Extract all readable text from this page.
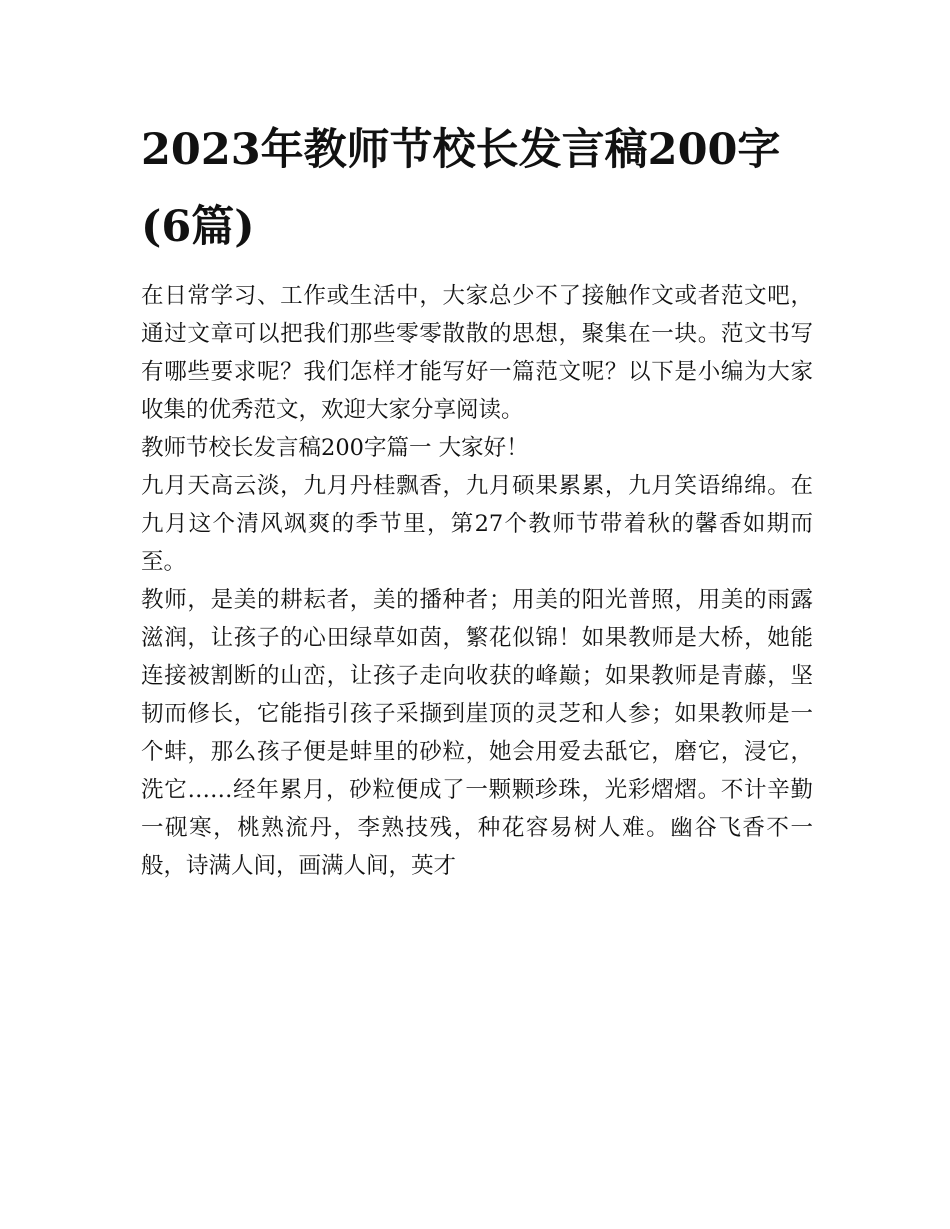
2023年教师节校长发言稿200字(6篇)

在日常学习、工作或生活中，大家总少不了接触作文或者范文吧，通过文章可以把我们那些零零散散的思想，聚集在一块。范文书写有哪些要求呢？我们怎样才能写好一篇范文呢？以下是小编为大家收集的优秀范文，欢迎大家分享阅读。

教师节校长发言稿200字篇一 大家好！

九月天高云淡，九月丹桂飘香，九月硕果累累，九月笑语绵绵。在九月这个清风飒爽的季节里，第27个教师节带着秋的馨香如期而至。

教师，是美的耕耘者，美的播种者；用美的阳光普照，用美的雨露滋润，让孩子的心田绿草如茵，繁花似锦！如果教师是大桥，她能连接被割断的山峦，让孩子走向收获的峰巅；如果教师是青藤，坚韧而修长，它能指引孩子采撷到崖顶的灵芝和人参；如果教师是一个蚌，那么孩子便是蚌里的砂粒，她会用爱去舐它，磨它，浸它，洗它……经年累月，砂粒便成了一颗颗珍珠，光彩熠熠。不计辛勤一砚寒，桃熟流丹，李熟技残，种花容易树人难。幽谷飞香不一般，诗满人间，画满人间，英才
